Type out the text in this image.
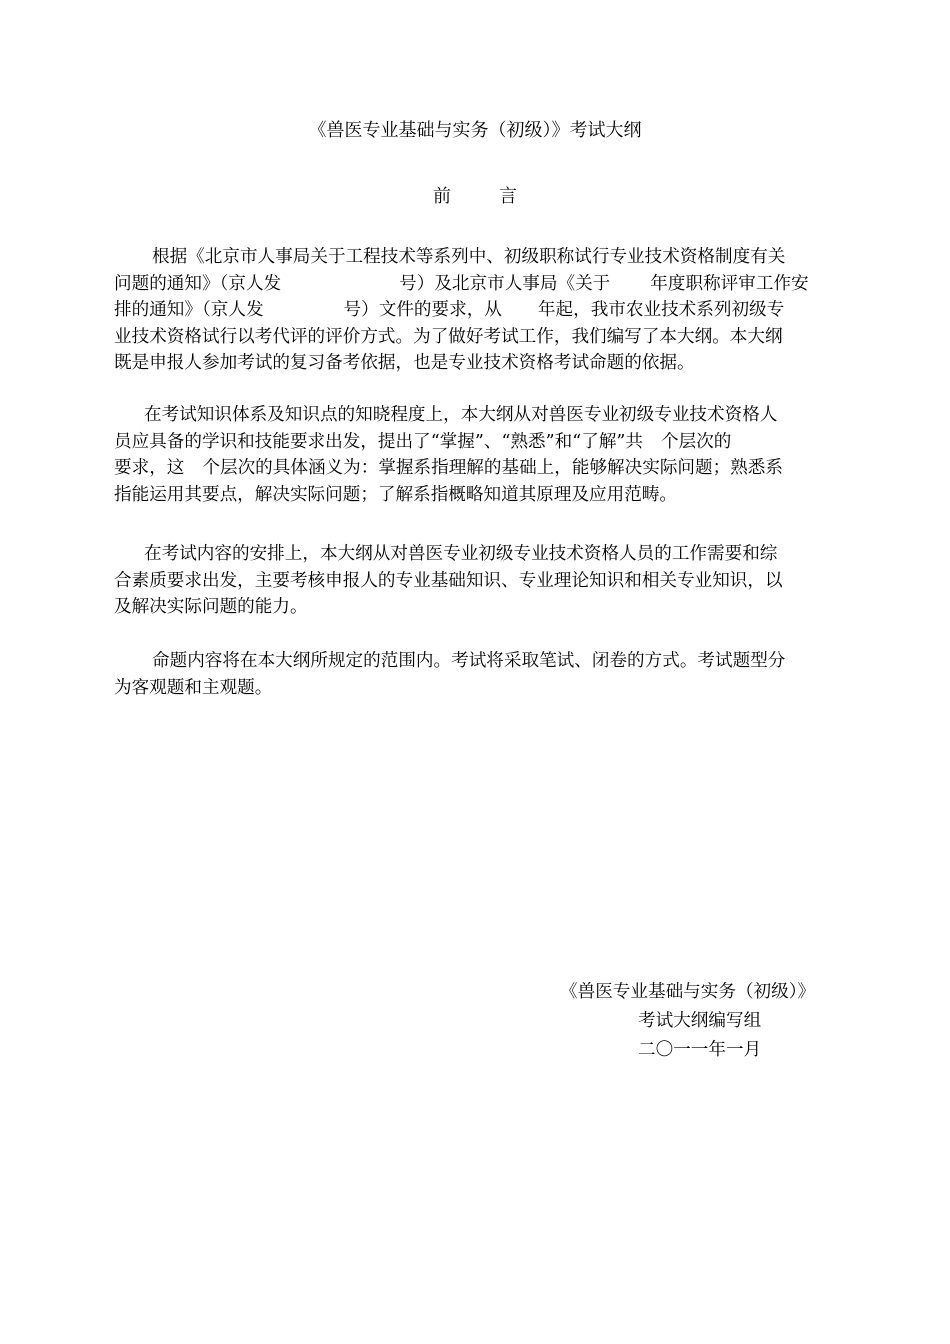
《兽医专业基础与实务（初级）》考试大纲
前	言
根据《北京市人事局关于工程技术等系列中、初级职称试行专业技术资格制度有关
问题的通知》（京人发	号）及北京市人事局《关于 年度职称评审工作安
排的通知》（京人发	号）文件的要求，从 年起，我市农业技术系列初级专
业技术资格试行以考代评的评价方式。为了做好考试工作，我们编写了本大纲。本大纲
既是申报人参加考试的复习备考依据，也是专业技术资格考试命题的依据。
在考试知识体系及知识点的知晓程度上，本大纲从对兽医专业初级专业技术资格人
员应具备的学识和技能要求出发，提出了“掌握”、“熟悉”和“了解”共 个层次的
要求，这 个层次的具体涵义为：掌握系指理解的基础上，能够解决实际问题；熟悉系
指能运用其要点，解决实际问题；了解系指概略知道其原理及应用范畴。
在考试内容的安排上，本大纲从对兽医专业初级专业技术资格人员的工作需要和综
合素质要求出发，主要考核申报人的专业基础知识、专业理论知识和相关专业知识，以
及解决实际问题的能力。
命题内容将在本大纲所规定的范围内。考试将采取笔试、闭卷的方式。考试题型分
为客观题和主观题。
《兽医专业基础与实务（初级）》
考试大纲编写组
二〇一一年一月
